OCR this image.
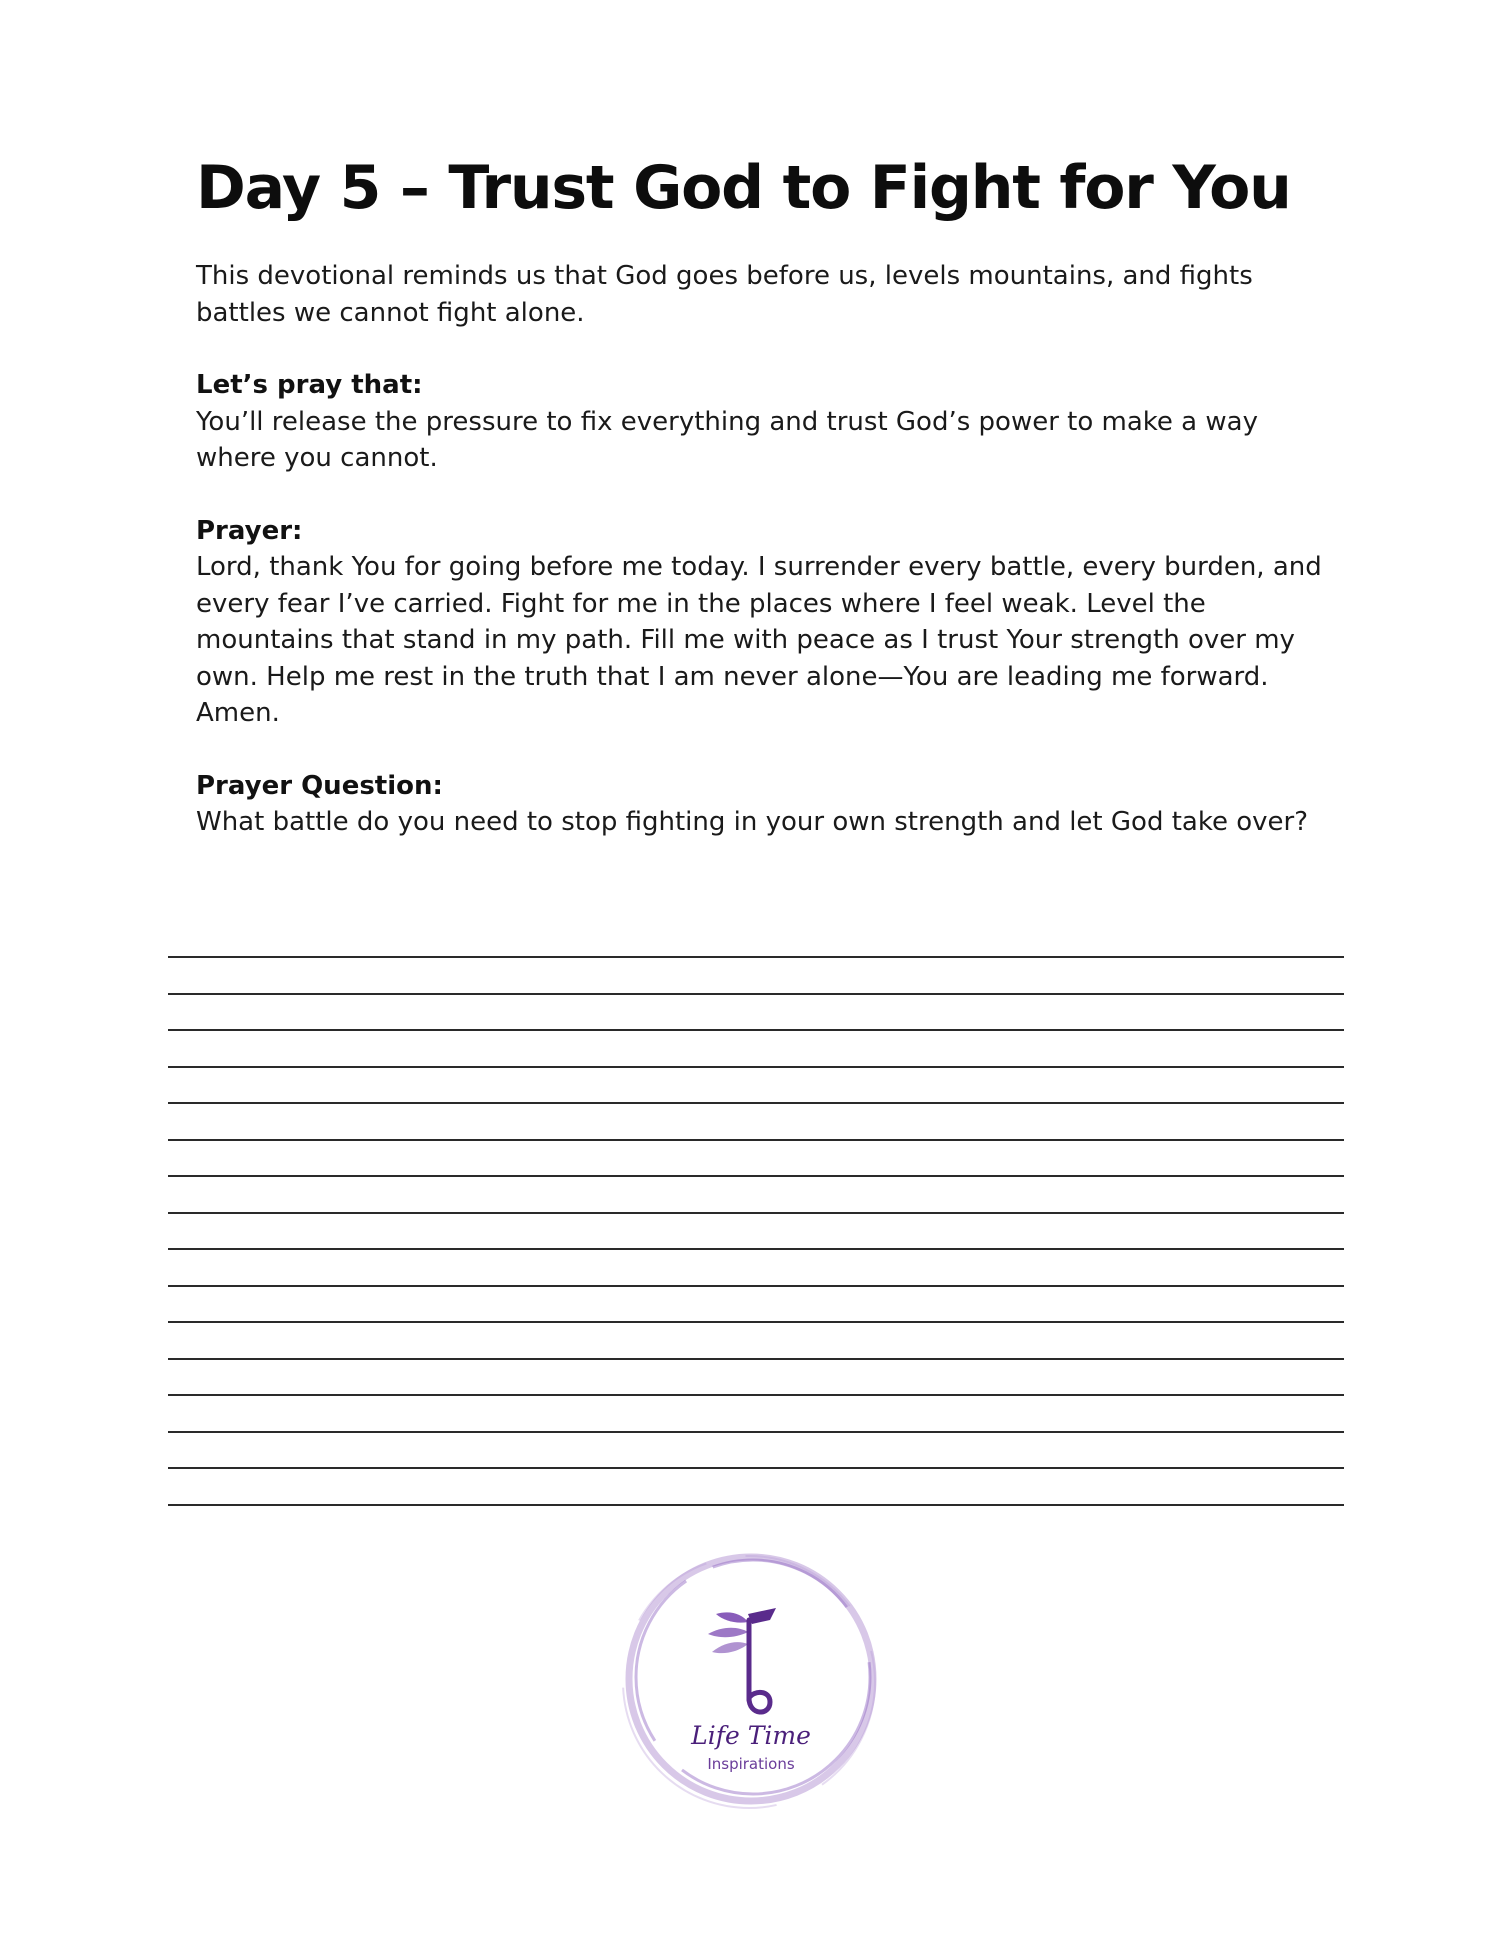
Day 5 – Trust God to Fight for You

This devotional reminds us that God goes before us, levels mountains, and fights battles we cannot fight alone.

Let’s pray that:

You’ll release the pressure to fix everything and trust God’s power to make a way where you cannot.

Prayer:

Lord, thank You for going before me today. I surrender every battle, every burden, and every fear I’ve carried. Fight for me in the places where I feel weak. Level the mountains that stand in my path. Fill me with peace as I trust Your strength over my own. Help me rest in the truth that I am never alone—You are leading me forward. Amen.

Prayer Question:

What battle do you need to stop fighting in your own strength and let God take over?

Life Time
Inspirations
